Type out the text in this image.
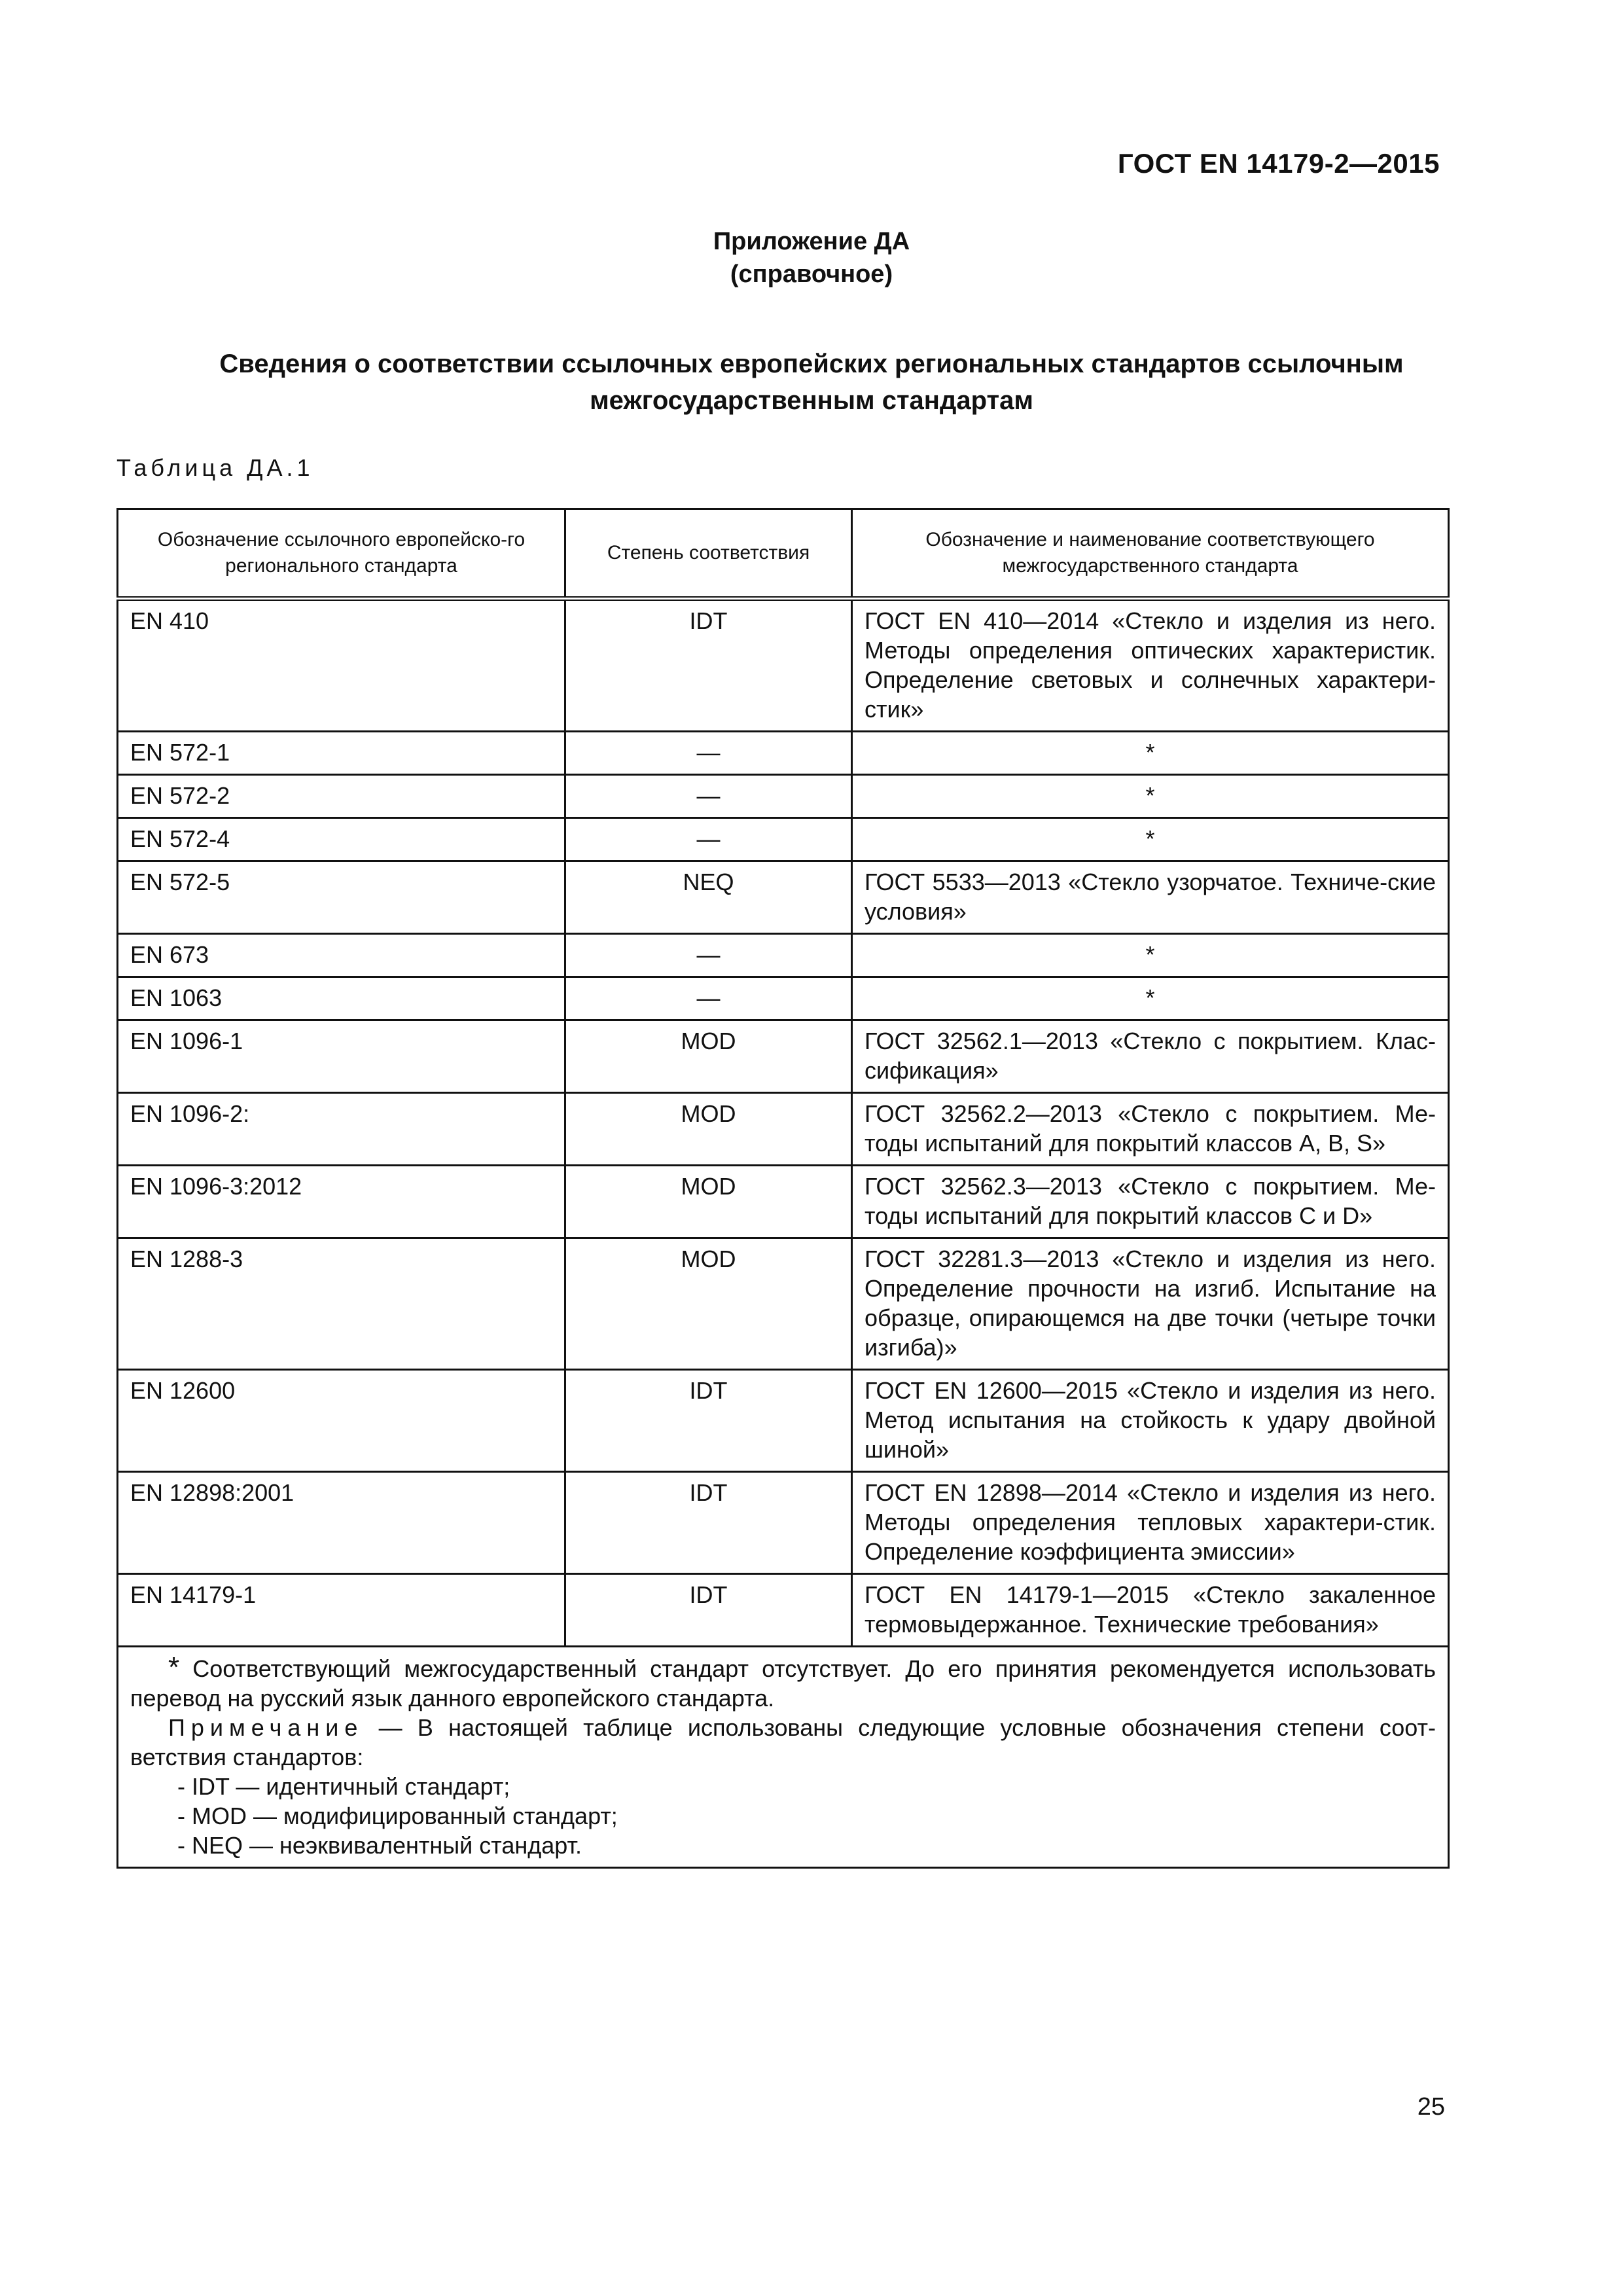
ГОСТ EN 14179-2—2015
Приложение ДА
(справочное)
Сведения о соответствии ссылочных европейских региональных стандартов ссылочным
межгосударственным стандартам
Таблица ДА.1
Обозначение ссылочного европейско-го регионального стандарта	Степень соответствия	Обозначение и наименование соответствующего межгосударственного стандарта
EN 410	IDT	ГОСТ EN 410—2014 «Стекло и изделия из него. Методы определения оптических характеристик. Определение световых и солнечных характери-стик»
EN 572-1	—	*
EN 572-2	—	*
EN 572-4	—	*
EN 572-5	NEQ	ГОСТ 5533—2013 «Стекло узорчатое. Техниче-ские условия»
EN 673	—	*
EN 1063	—	*
EN 1096-1	MOD	ГОСТ 32562.1—2013 «Стекло с покрытием. Клас-сификация»
EN 1096-2:	MOD	ГОСТ 32562.2—2013 «Стекло с покрытием. Ме-тоды испытаний для покрытий классов А, В, S»
EN 1096-3:2012	MOD	ГОСТ 32562.3—2013 «Стекло с покрытием. Ме-тоды испытаний для покрытий классов С и D»
EN 1288-3	MOD	ГОСТ 32281.3—2013 «Стекло и изделия из него. Определение прочности на изгиб. Испытание на образце, опирающемся на две точки (четыре точки изгиба)»
EN 12600	IDT	ГОСТ EN 12600—2015 «Стекло и изделия из него. Метод испытания на стойкость к удару двойной шиной»
EN 12898:2001	IDT	ГОСТ EN 12898—2014 «Стекло и изделия из него. Методы определения тепловых характери-стик. Определение коэффициента эмиссии»
EN 14179-1	IDT	ГОСТ EN 14179-1—2015 «Стекло закаленное термовыдержанное. Технические требования»

* Соответствующий межгосударственный стандарт отсутствует. До его принятия рекомендуется использовать перевод на русский язык данного европейского стандарта.
Примечание — В настоящей таблице использованы следующие условные обозначения степени соот-ветствия стандартов:
- IDT — идентичный стандарт;
- MOD — модифицированный стандарт;
- NEQ — неэквивалентный стандарт.		
25
